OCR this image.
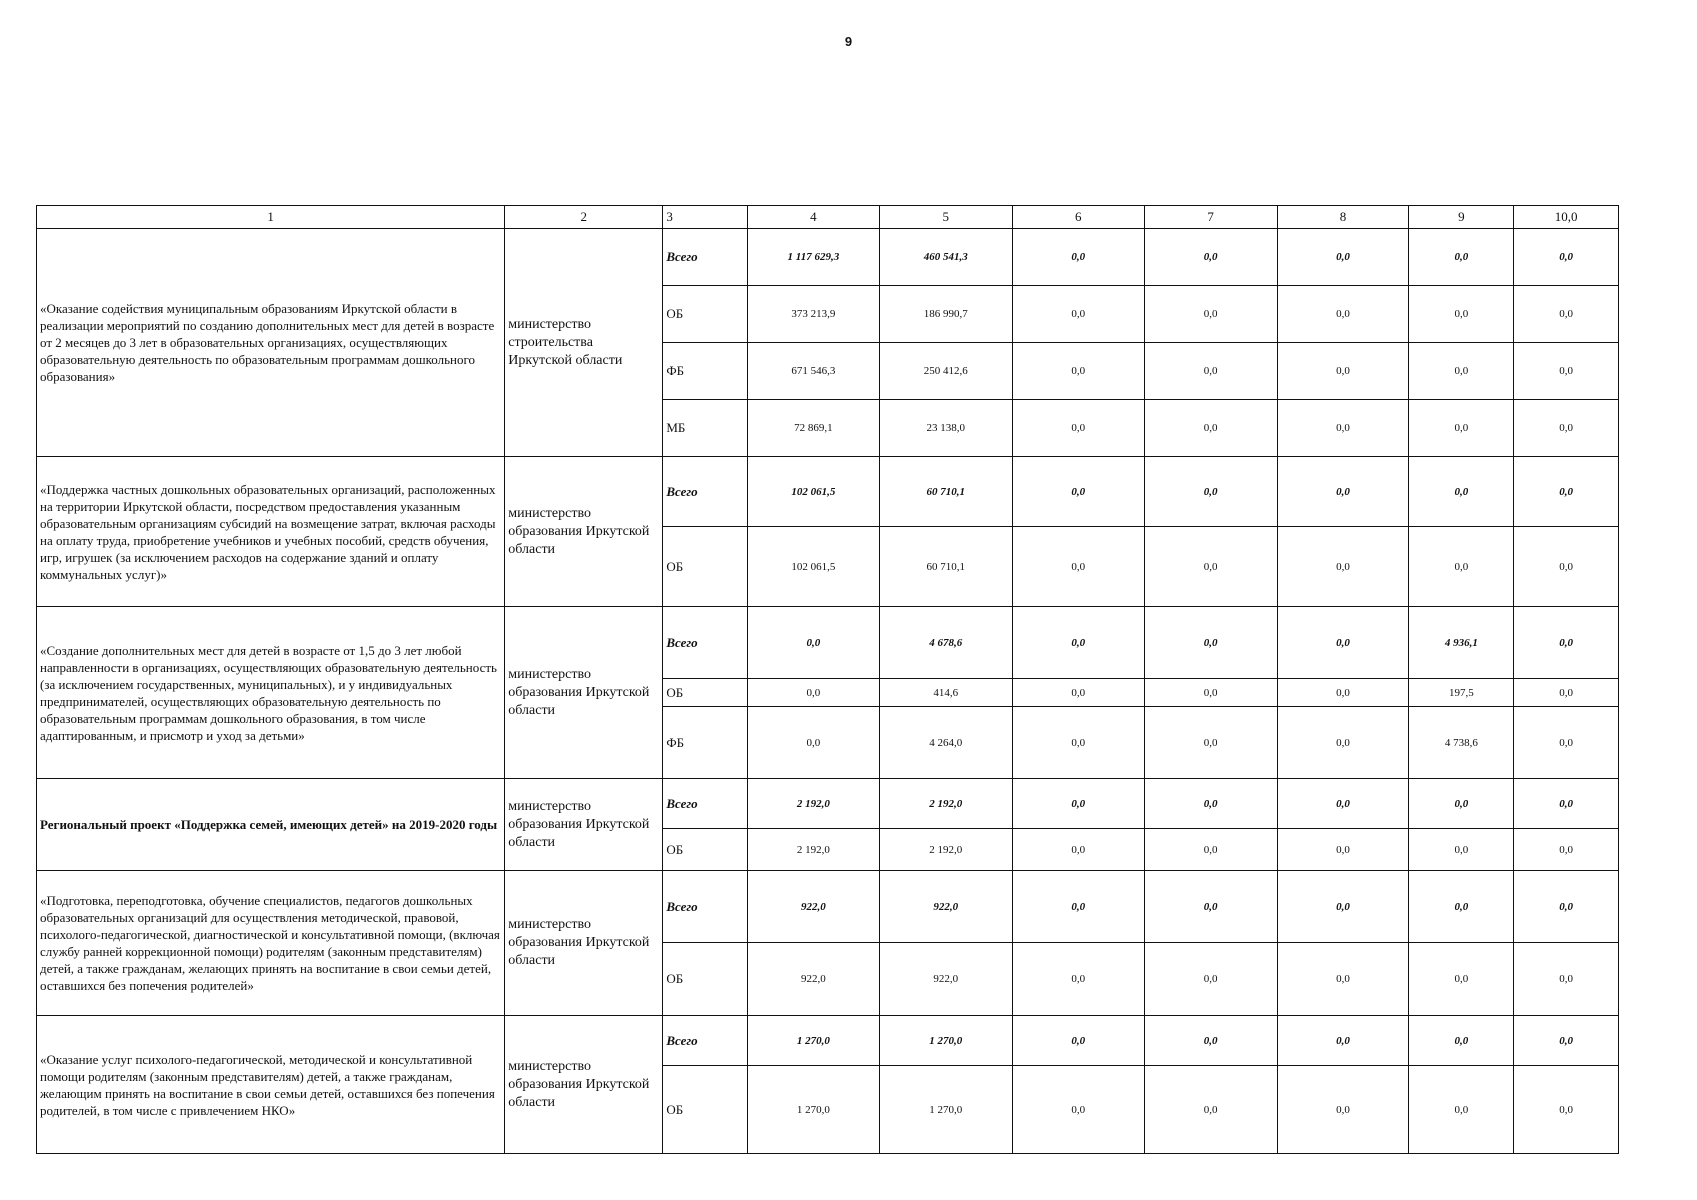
9
1	2	3	4	5	6	7	8	9	10,0
«Оказание содействия муниципальным образованиям Иркутской области в реализации мероприятий по созданию дополнительных мест для детей в возрасте от 2 месяцев до 3 лет в образовательных организациях, осуществляющих образовательную деятельность по образовательным программам дошкольного образования»	министерство строительства Иркутской области	Всего	1 117 629,3	460 541,3	0,0	0,0	0,0	0,0	0,0
		ОБ	373 213,9	186 990,7	0,0	0,0	0,0	0,0	0,0
		ФБ	671 546,3	250 412,6	0,0	0,0	0,0	0,0	0,0
		МБ	72 869,1	23 138,0	0,0	0,0	0,0	0,0	0,0
«Поддержка частных дошкольных образовательных организаций, расположенных на территории Иркутской области, посредством предоставления указанным образовательным организациям субсидий на возмещение затрат, включая расходы на оплату труда, приобретение учебников и учебных пособий, средств обучения, игр, игрушек (за исключением расходов на содержание зданий и оплату коммунальных услуг)»	министерство образования Иркутской области	Всего	102 061,5	60 710,1	0,0	0,0	0,0	0,0	0,0
		ОБ	102 061,5	60 710,1	0,0	0,0	0,0	0,0	0,0
«Создание дополнительных мест для детей в возрасте от 1,5 до 3 лет любой направленности в организациях, осуществляющих образовательную деятельность (за исключением государственных, муниципальных), и у индивидуальных предпринимателей, осуществляющих образовательную деятельность по образовательным программам дошкольного образования, в том числе адаптированным, и присмотр и уход за детьми»	министерство образования Иркутской области	Всего	0,0	4 678,6	0,0	0,0	0,0	4 936,1	0,0
		ОБ	0,0	414,6	0,0	0,0	0,0	197,5	0,0
		ФБ	0,0	4 264,0	0,0	0,0	0,0	4 738,6	0,0
Региональный проект «Поддержка семей, имеющих детей» на 2019-2020 годы	министерство образования Иркутской области	Всего	2 192,0	2 192,0	0,0	0,0	0,0	0,0	0,0
		ОБ	2 192,0	2 192,0	0,0	0,0	0,0	0,0	0,0
«Подготовка, переподготовка, обучение специалистов, педагогов дошкольных образовательных организаций для осуществления методической, правовой, психолого-педагогической, диагностической и консультативной помощи, (включая службу ранней коррекционной помощи) родителям (законным представителям) детей, а также гражданам, желающих принять на воспитание в свои семьи детей, оставшихся без попечения родителей»	министерство образования Иркутской области	Всего	922,0	922,0	0,0	0,0	0,0	0,0	0,0
		ОБ	922,0	922,0	0,0	0,0	0,0	0,0	0,0
«Оказание услуг психолого-педагогической, методической и консультативной помощи родителям (законным представителям) детей, а также гражданам, желающим принять на воспитание в свои семьи детей, оставшихся без попечения родителей, в том числе с привлечением НКО»	министерство образования Иркутской области	Всего	1 270,0	1 270,0	0,0	0,0	0,0	0,0	0,0
		ОБ	1 270,0	1 270,0	0,0	0,0	0,0	0,0	0,0
